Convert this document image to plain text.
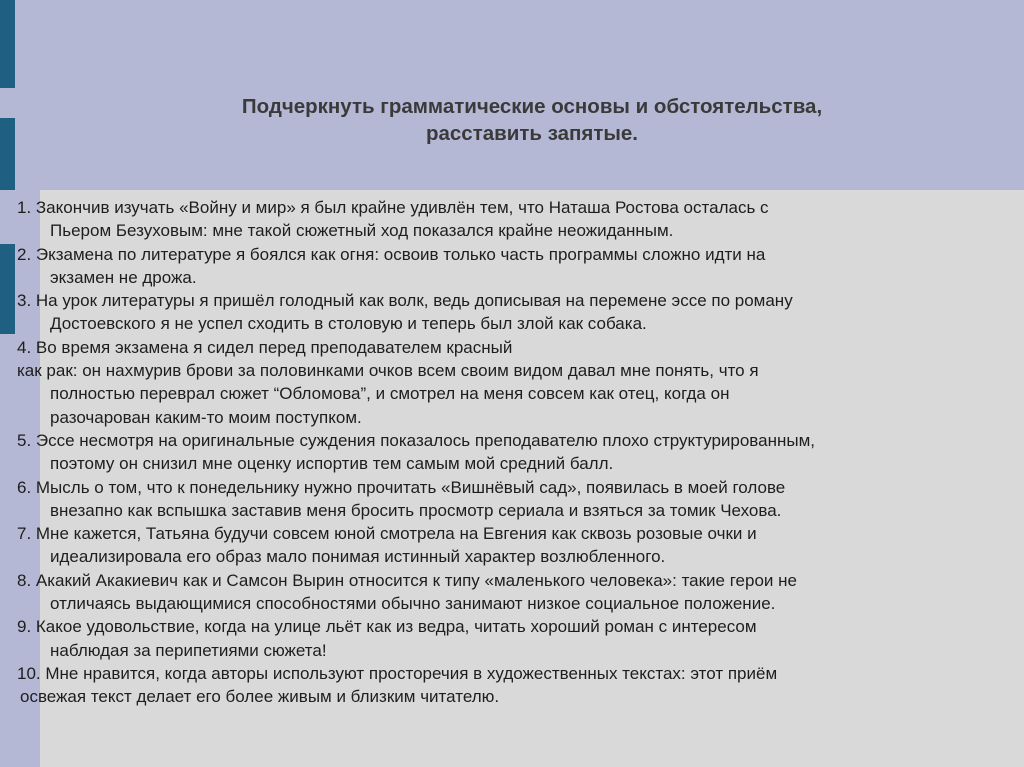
Подчеркнуть грамматические основы и обстоятельства,
расставить запятые.
1. Закончив изучать «Войну и мир» я был крайне удивлён тем, что Наташа Ростова осталась с
Пьером Безуховым: мне такой сюжетный ход показался крайне неожиданным.
2. Экзамена по литературе я боялся как огня: освоив только часть программы сложно идти на
экзамен не дрожа.
3. На урок литературы я пришёл голодный как волк, ведь дописывая на перемене эссе по роману
Достоевского я не успел сходить в столовую и теперь был злой как собака.
4. Во время экзамена я сидел перед преподавателем красный
как рак: он нахмурив брови за половинками очков всем своим видом давал мне понять, что я
полностью переврал сюжет “Обломова”, и смотрел на меня совсем как отец, когда он
разочарован каким-то моим поступком.
5. Эссе несмотря на оригинальные суждения показалось преподавателю плохо структурированным,
поэтому он снизил мне оценку испортив тем самым мой средний балл.
6. Мысль о том, что к понедельнику нужно прочитать «Вишнёвый сад», появилась в моей голове
внезапно как вспышка заставив меня бросить просмотр сериала и взяться за томик Чехова.
7. Мне кажется, Татьяна будучи совсем юной смотрела на Евгения как сквозь розовые очки и
идеализировала его образ мало понимая истинный характер возлюбленного.
8. Акакий Акакиевич как и Самсон Вырин относится к типу «маленького человека»: такие герои не
отличаясь выдающимися способностями обычно занимают низкое социальное положение.
9. Какое удовольствие, когда на улице льёт как из ведра, читать хороший роман с интересом
наблюдая за перипетиями сюжета!
10. Мне нравится, когда авторы используют просторечия в художественных текстах: этот приём
освежая текст делает его более живым и близким читателю.
